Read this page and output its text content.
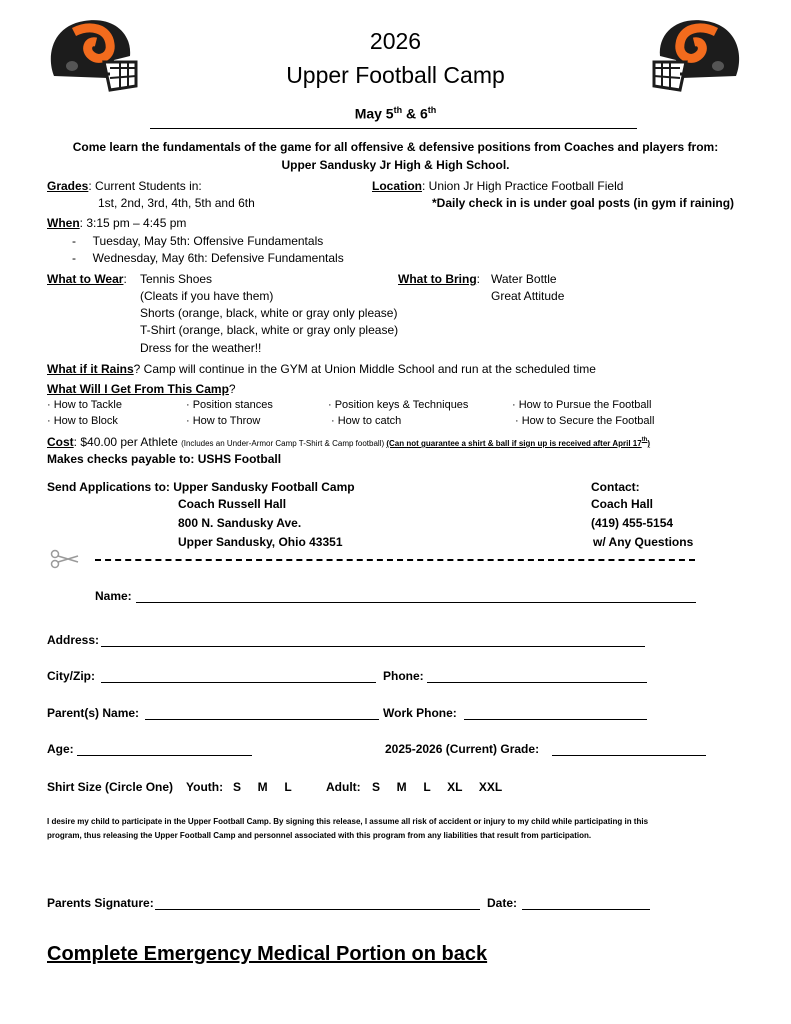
2026
Upper Football Camp
May 5th & 6th
Come learn the fundamentals of the game for all offensive & defensive positions from Coaches and players from:
Upper Sandusky Jr High & High School.
Grades: Current Students in:
1st, 2nd, 3rd, 4th, 5th and 6th
Location: Union Jr High Practice Football Field
*Daily check in is under goal posts (in gym if raining)
When: 3:15 pm – 4:45 pm
-     Tuesday, May 5th: Offensive Fundamentals
-     Wednesday, May 6th: Defensive Fundamentals
What to Wear: Tennis Shoes
(Cleats if you have them)
Shorts (orange, black, white or gray only please)
T-Shirt (orange, black, white or gray only please)
Dress for the weather!!
What to Bring: Water Bottle
Great Attitude
What if it Rains? Camp will continue in the GYM at Union Middle School and run at the scheduled time
What Will I Get From This Camp?
· How to Tackle	· Position stances	· Position keys & Techniques	· How to Pursue the Football
· How to Block	· How to Throw	· How to catch	· How to Secure the Football
Cost: $40.00 per Athlete (Includes an Under-Armor Camp T-Shirt & Camp football) (Can not guarantee a shirt & ball if sign up is received after April 17th)
Makes checks payable to: USHS Football
Send Applications to: Upper Sandusky Football Camp
Coach Russell Hall
800 N. Sandusky Ave.
Upper Sandusky, Ohio 43351
Contact:
Coach Hall
(419) 455-5154
w/ Any Questions
Name:
Address:
City/Zip:	Phone:
Parent(s) Name:	Work Phone:
Age:	2025-2026 (Current) Grade:
Shirt Size (Circle One) Youth: S     M     L	Adult: S     M     L     XL     XXL
I desire my child to participate in the Upper Football Camp. By signing this release, I assume all risk of accident or injury to my child while participating in this
program, thus releasing the Upper Football Camp and personnel associated with this program from any liabilities that result from participation.
Parents Signature:	Date:
Complete Emergency Medical Portion on back
